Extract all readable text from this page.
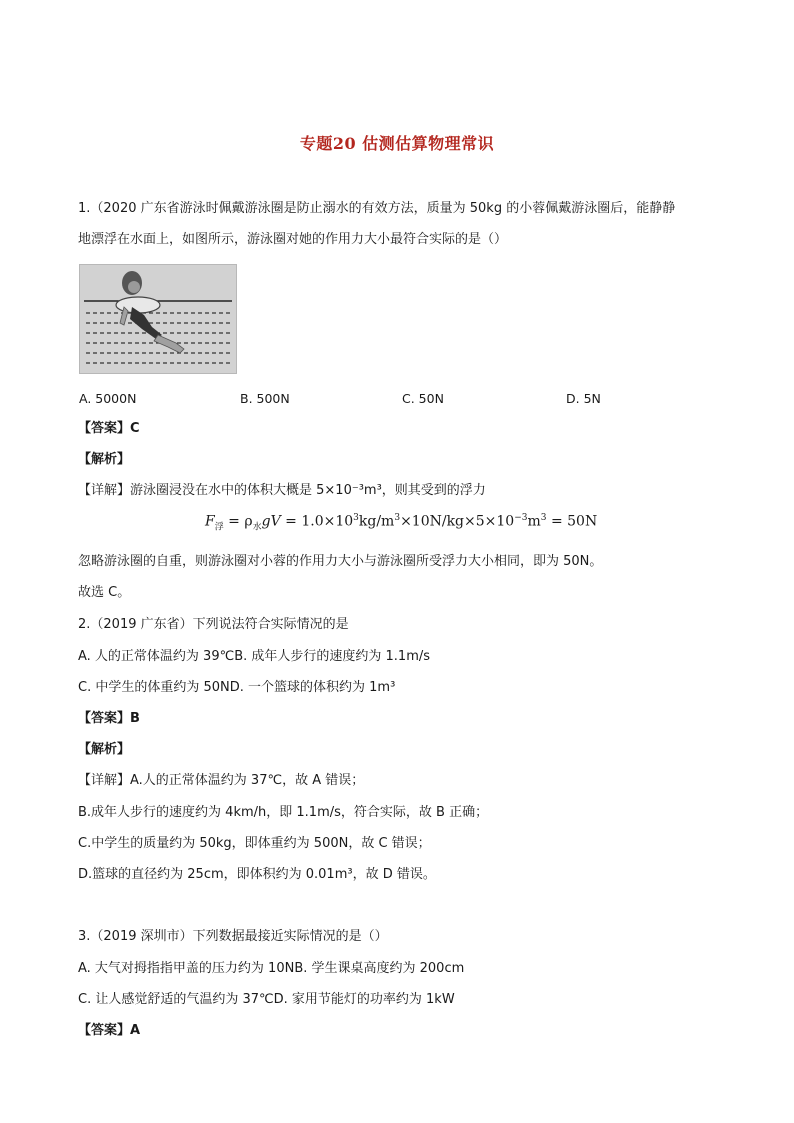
专题20 估测估算物理常识
1.（2020 广东省游泳时佩戴游泳圈是防止溺水的有效方法，质量为 50kg 的小蓉佩戴游泳圈后，能静静
地漂浮在水面上，如图所示，游泳圈对她的作用力大小最符合实际的是（）
A. 5000N	B. 500N	C. 50N	D. 5N
【答案】C
【解析】
【详解】游泳圈浸没在水中的体积大概是 5×10⁻³m³，则其受到的浮力
$F_浮 = \rho_水gV = 1.0\times 10^3kg/m^3\times 10N/kg\times 5\times 10^{-3}m^3 = 50N$
忽略游泳圈的自重，则游泳圈对小蓉的作用力大小与游泳圈所受浮力大小相同，即为 50N。
故选 C。
2.（2019 广东省）下列说法符合实际情况的是
A. 人的正常体温约为 39℃B. 成年人步行的速度约为 1.1m/s
C. 中学生的体重约为 50ND. 一个篮球的体积约为 1m³
【答案】B
【解析】
【详解】A.人的正常体温约为 37℃，故 A 错误；
B.成年人步行的速度约为 4km/h，即 1.1m/s，符合实际，故 B 正确；
C.中学生的质量约为 50kg，即体重约为 500N，故 C 错误；
D.篮球的直径约为 25cm，即体积约为 0.01m³，故 D 错误。
3.（2019 深圳市）下列数据最接近实际情况的是（）
A. 大气对拇指指甲盖的压力约为 10NB. 学生课桌高度约为 200cm
C. 让人感觉舒适的气温约为 37℃D. 家用节能灯的功率约为 1kW
【答案】A
